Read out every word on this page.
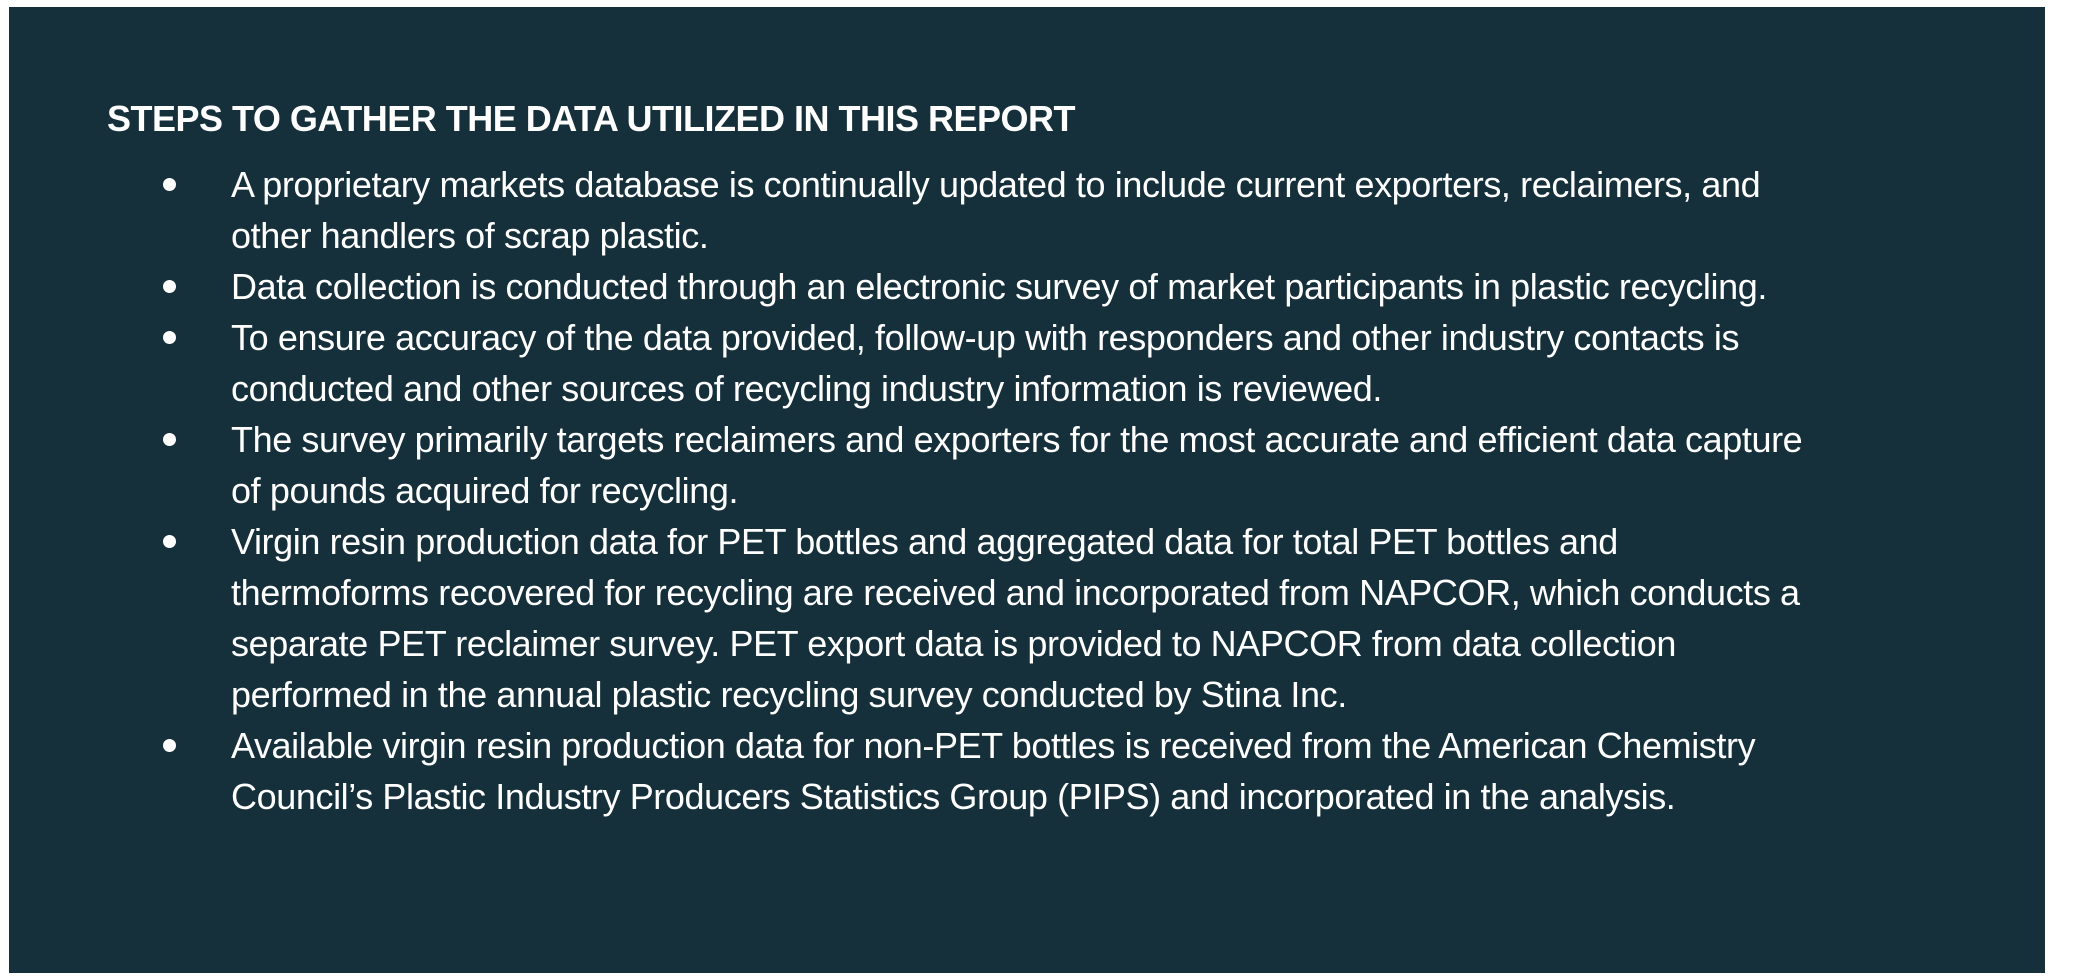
STEPS TO GATHER THE DATA UTILIZED IN THIS REPORT
A proprietary markets database is continually updated to include current exporters, reclaimers, and
other handlers of scrap plastic.
Data collection is conducted through an electronic survey of market participants in plastic recycling.
To ensure accuracy of the data provided, follow-up with responders and other industry contacts is
conducted and other sources of recycling industry information is reviewed.
The survey primarily targets reclaimers and exporters for the most accurate and efficient data capture
of pounds acquired for recycling.
Virgin resin production data for PET bottles and aggregated data for total PET bottles and
thermoforms recovered for recycling are received and incorporated from NAPCOR, which conducts a
separate PET reclaimer survey. PET export data is provided to NAPCOR from data collection
performed in the annual plastic recycling survey conducted by Stina Inc.
Available virgin resin production data for non-PET bottles is received from the American Chemistry
Council’s Plastic Industry Producers Statistics Group (PIPS) and incorporated in the analysis.
